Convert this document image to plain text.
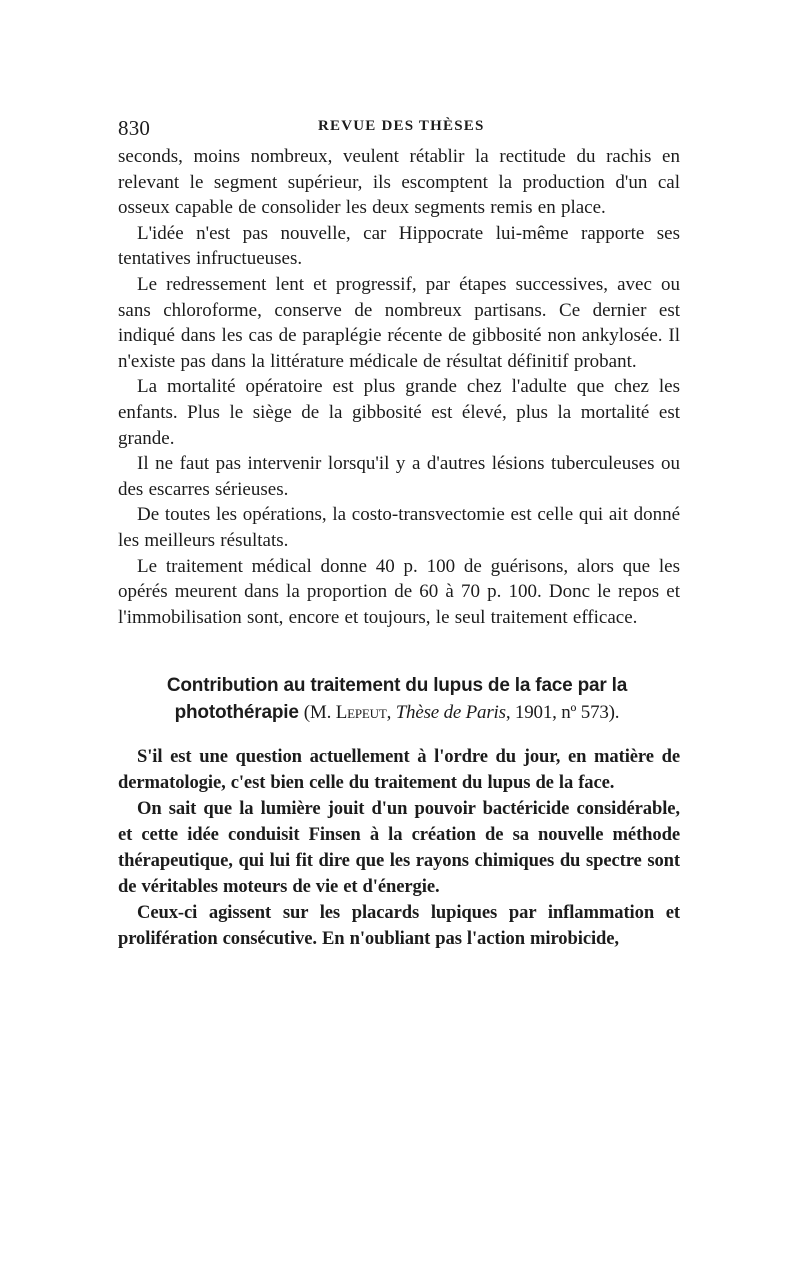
830	REVUE DES THÈSES

seconds, moins nombreux, veulent rétablir la rectitude du rachis en relevant le segment supérieur, ils escomptent la production d'un cal osseux capable de consolider les deux segments remis en place.

L'idée n'est pas nouvelle, car Hippocrate lui-même rapporte ses tentatives infructueuses.

Le redressement lent et progressif, par étapes successives, avec ou sans chloroforme, conserve de nombreux partisans. Ce dernier est indiqué dans les cas de paraplégie récente de gibbosité non ankylosée. Il n'existe pas dans la littérature médicale de résultat définitif probant.

La mortalité opératoire est plus grande chez l'adulte que chez les enfants. Plus le siège de la gibbosité est élevé, plus la mortalité est grande.

Il ne faut pas intervenir lorsqu'il y a d'autres lésions tuberculeuses ou des escarres sérieuses.

De toutes les opérations, la costo-transvectomie est celle qui ait donné les meilleurs résultats.

Le traitement médical donne 40 p. 100 de guérisons, alors que les opérés meurent dans la proportion de 60 à 70 p. 100. Donc le repos et l'immobilisation sont, encore et toujours, le seul traitement efficace.

Contribution au traitement du lupus de la face par la photothérapie (M. Lepeut, Thèse de Paris, 1901, nº 573).

S'il est une question actuellement à l'ordre du jour, en matière de dermatologie, c'est bien celle du traitement du lupus de la face.

On sait que la lumière jouit d'un pouvoir bactéricide considérable, et cette idée conduisit Finsen à la création de sa nouvelle méthode thérapeutique, qui lui fit dire que les rayons chimiques du spectre sont de véritables moteurs de vie et d'énergie.

Ceux-ci agissent sur les placards lupiques par inflammation et prolifération consécutive. En n'oubliant pas l'action mirobicide,
